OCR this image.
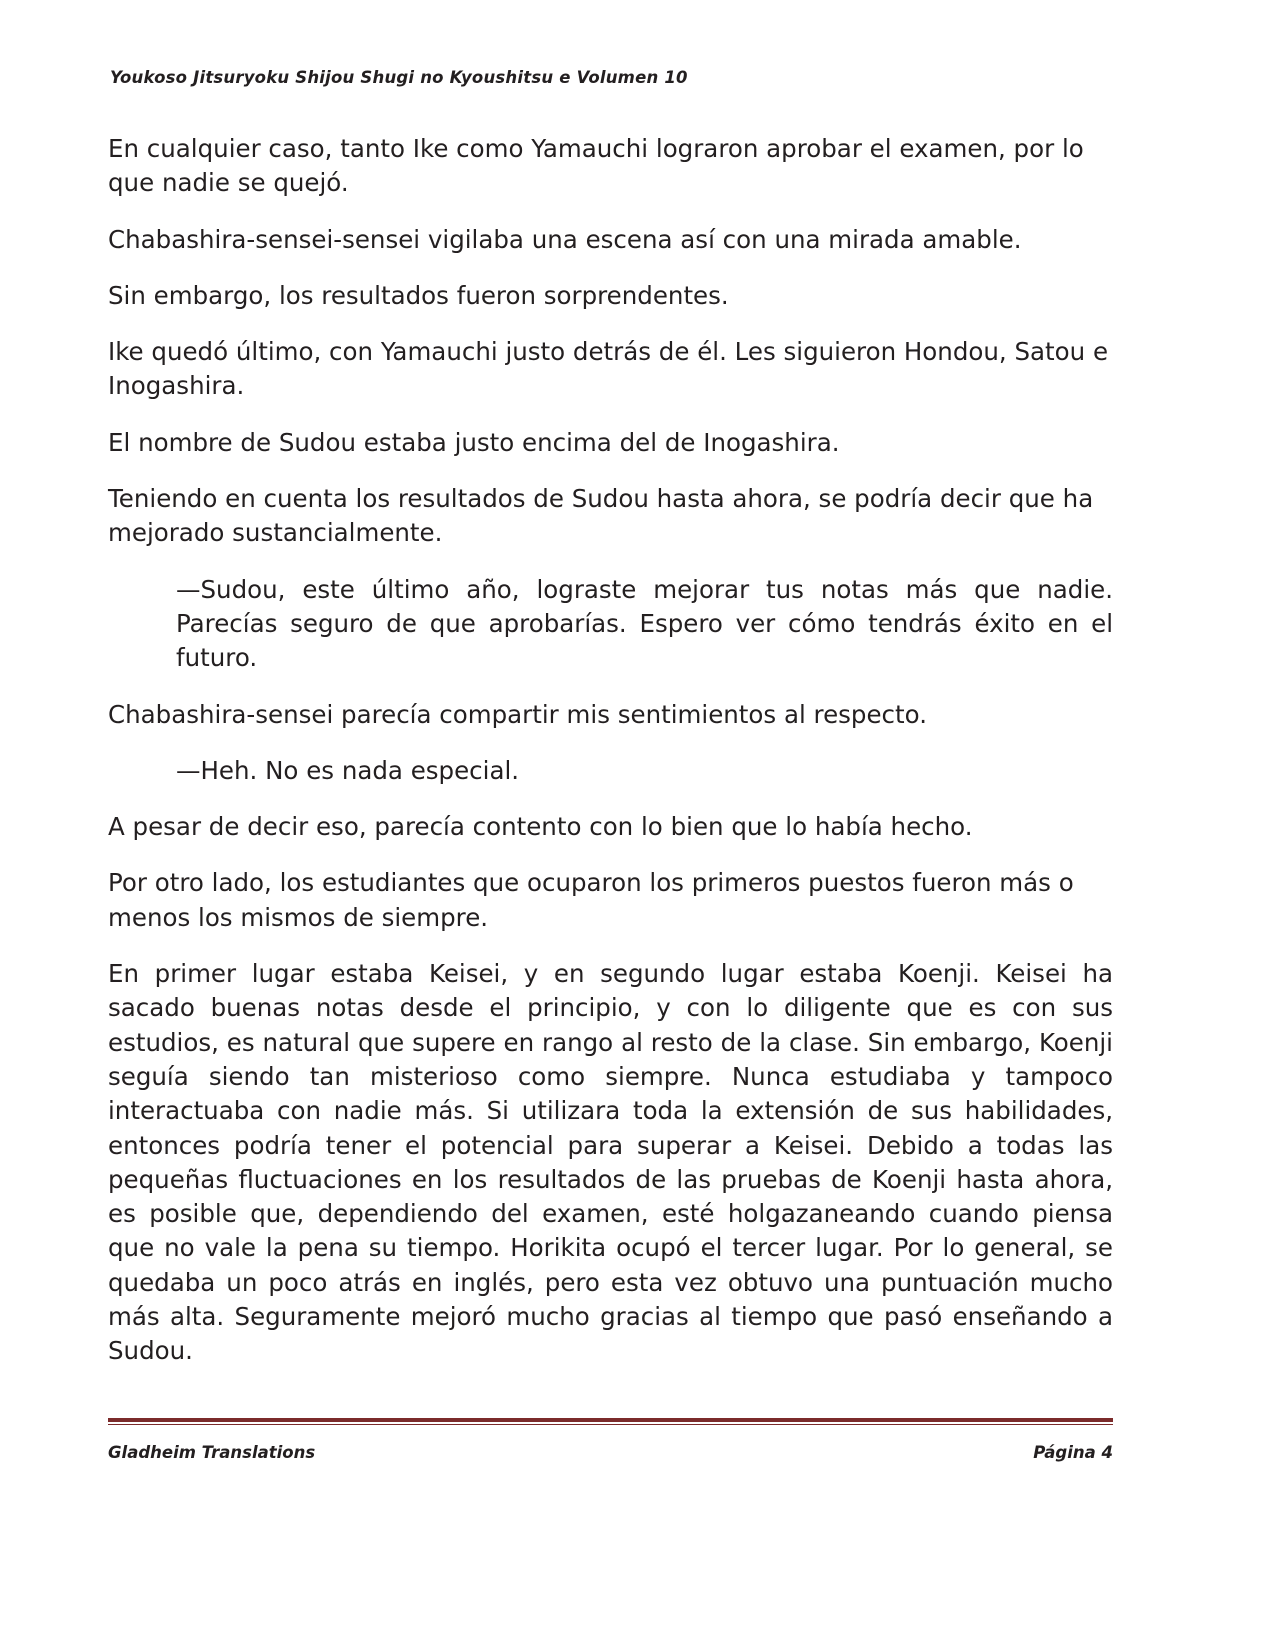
Youkoso Jitsuryoku Shijou Shugi no Kyoushitsu e Volumen 10

En cualquier caso, tanto Ike como Yamauchi lograron aprobar el examen, por lo que nadie se quejó.

Chabashira-sensei-sensei vigilaba una escena así con una mirada amable.

Sin embargo, los resultados fueron sorprendentes.

Ike quedó último, con Yamauchi justo detrás de él. Les siguieron Hondou, Satou e Inogashira.

El nombre de Sudou estaba justo encima del de Inogashira.

Teniendo en cuenta los resultados de Sudou hasta ahora, se podría decir que ha mejorado sustancialmente.

—Sudou, este último año, lograste mejorar tus notas más que nadie. Parecías seguro de que aprobarías. Espero ver cómo tendrás éxito en el futuro.

Chabashira-sensei parecía compartir mis sentimientos al respecto.

—Heh. No es nada especial.

A pesar de decir eso, parecía contento con lo bien que lo había hecho.

Por otro lado, los estudiantes que ocuparon los primeros puestos fueron más o menos los mismos de siempre.

En primer lugar estaba Keisei, y en segundo lugar estaba Koenji. Keisei ha sacado buenas notas desde el principio, y con lo diligente que es con sus estudios, es natural que supere en rango al resto de la clase. Sin embargo, Koenji seguía siendo tan misterioso como siempre. Nunca estudiaba y tampoco interactuaba con nadie más. Si utilizara toda la extensión de sus habilidades, entonces podría tener el potencial para superar a Keisei. Debido a todas las pequeñas fluctuaciones en los resultados de las pruebas de Koenji hasta ahora, es posible que, dependiendo del examen, esté holgazaneando cuando piensa que no vale la pena su tiempo. Horikita ocupó el tercer lugar. Por lo general, se quedaba un poco atrás en inglés, pero esta vez obtuvo una puntuación mucho más alta. Seguramente mejoró mucho gracias al tiempo que pasó enseñando a Sudou.

Gladheim Translations	Página 4
